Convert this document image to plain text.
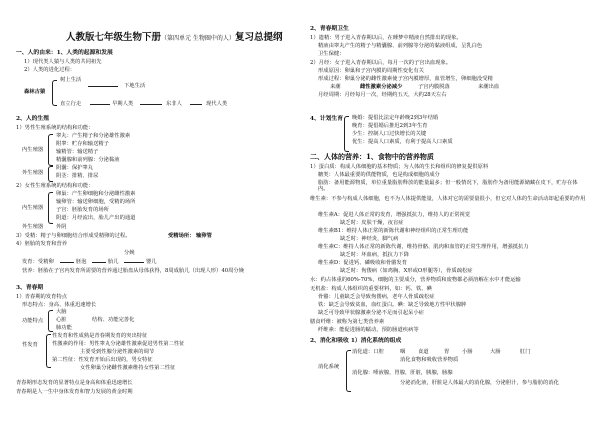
人教版七年级生物下册（第四单元 生物圈中的人）复习总提纲
一、人的由来：1、人类的起源和发展
1）现代类人猿与人类的共同祖先
2）人类的进化过程：
森林古猿
树上生活
下地生活
直立行走	早期人类	东非人	现代人类
2、人的生殖
1）男性生殖系统的结构和功能：
内生殖器
睾丸：产生精子和分泌雄性激素
附睾：贮存和输送精子
输精管：输送精子
精囊腺和前列腺：分泌黏液
外生殖器
阴囊：保护睾丸
阴茎：排精、排尿
2）女性生殖系统的结构和功能：
内生殖器
卵巢：产生卵细胞和分泌雌性激素
输卵管：输送卵细胞，受精的场所
子宫：胚胎发育的场所
阴道：月经流出，胎儿产出的通道
外生殖器 外阴
3）受精：精子与卵细胞结合形成受精卵的过程。	受精场所： 输卵管
4）胚胎的发育和营养
分娩
发育：受精卵	胚泡	胎儿	婴儿
营养：胚胎在子宫内发育所需要的营养通过胎盘从母体获得，8周成胎儿（出现人形）40周分娩
3、青春期
1）青春期的发育特点
形态特点：身高、体重迅速增长
功能特点
大脑
心脏
肺功能
结构、功能完善化
性发育
性发育和性成熟是青春期发育的突出特征
性激素的作用：男性睾丸分泌雄性激素促进男性第二性征
主要受到性腺分泌性激素的调节
第二性征：性发育开始后出现的，男女特征
女性卵巢分泌雌性激素维持女性第二性征
青春期形态发育的显著特点是身高和体重迅速增长
青春期是人一生中身体发育和智力发展的黄金时期
2、青春期卫生
1）遗精：男子进入青春期以后，在睡梦中精液自然排出的现象。
精液由睾丸产生的精子与精囊腺、前列腺等分泌的黏液组成，呈乳白色
卫生保健：
2）月经：女子进入青春期以后，每月一次的子宫出血现象。
形成原因：卵巢和子宫内膜的周期性变化有关
形成过程：卵巢分泌的雌性激素使子宫内膜增厚，血管增生，卵细胞没受精
来潮	雌性激素分泌减少	子宫内膜脱落	来潮出血
月经周期：月经每月一次，经期约五天，大约28天左右
4、计划生育 晚婚：提倡比法定年龄晚2到3年结婚
晚育：提倡婚后推迟2到3年生育
少生：控制人口过快增长的关键
优生：提高人口素质，有利于提高人口素质
二、人体的营养：1、食物中的营养物质
1）蛋白质：构成人体细胞的基本物质；为人体的生长和组织的修复提供原料
糖类：人体最重要的供能物质，也是构成细胞的成分
脂肪：备用能源物质，单位重量脂肪释放的能量最多；但一般情况下，脂肪作为备用能源储藏在皮下，贮存在体内。
维生素：不参与构成人体细胞，也不为人体提供能量，人体对它的需要量很小，但它对人体的生命活动却起重要的作用
维生素A：促进人体正常的发育，增强抵抗力，维持人的正常视觉
缺乏时：皮肤干燥，夜盲症
维生素B1：维持人体正常的新陈代谢和神经组织的正常生理功能
缺乏时：神经炎，脚气病
维生素C：维持人体正常的新陈代谢，维持骨骼、肌肉和血管的正常生理作用，增强抵抗力
缺乏时：坏血病，抵抗力下降
维生素D：促进钙、磷吸收和骨骼发育
缺乏时：佝偻病（如鸡胸、X形或O形腿等），骨质疏松症
水：约占体重的60%-70%，细胞的主要成分，营养物质和废物都必须溶解在水中才能运输
无机盐：构成人体组织的重要材料，如：钙、铁、碘
骨骼：儿童缺乏会导致佝偻病，老年人骨质疏松症
铁：缺乏会导致贫血，血红蛋白。碘：缺乏导致地方性甲状腺肿
缺乏可导致甲状腺激素分泌不足而引起呆小症
膳食纤维：被称为第七类营养素
纤维素：能促进肠的蠕动，预防肠道疾病等
2、消化和吸收 1）消化系统的组成
消化系统
消化道：口腔	咽 食道	胃 小肠	大肠	肛门
消化食物和吸收营养物质
消化腺：唾液腺，胃腺，肝脏，胰腺，肠腺
分泌消化液，肝脏是人体最大的消化腺，分泌胆汁，参与脂肪的消化
